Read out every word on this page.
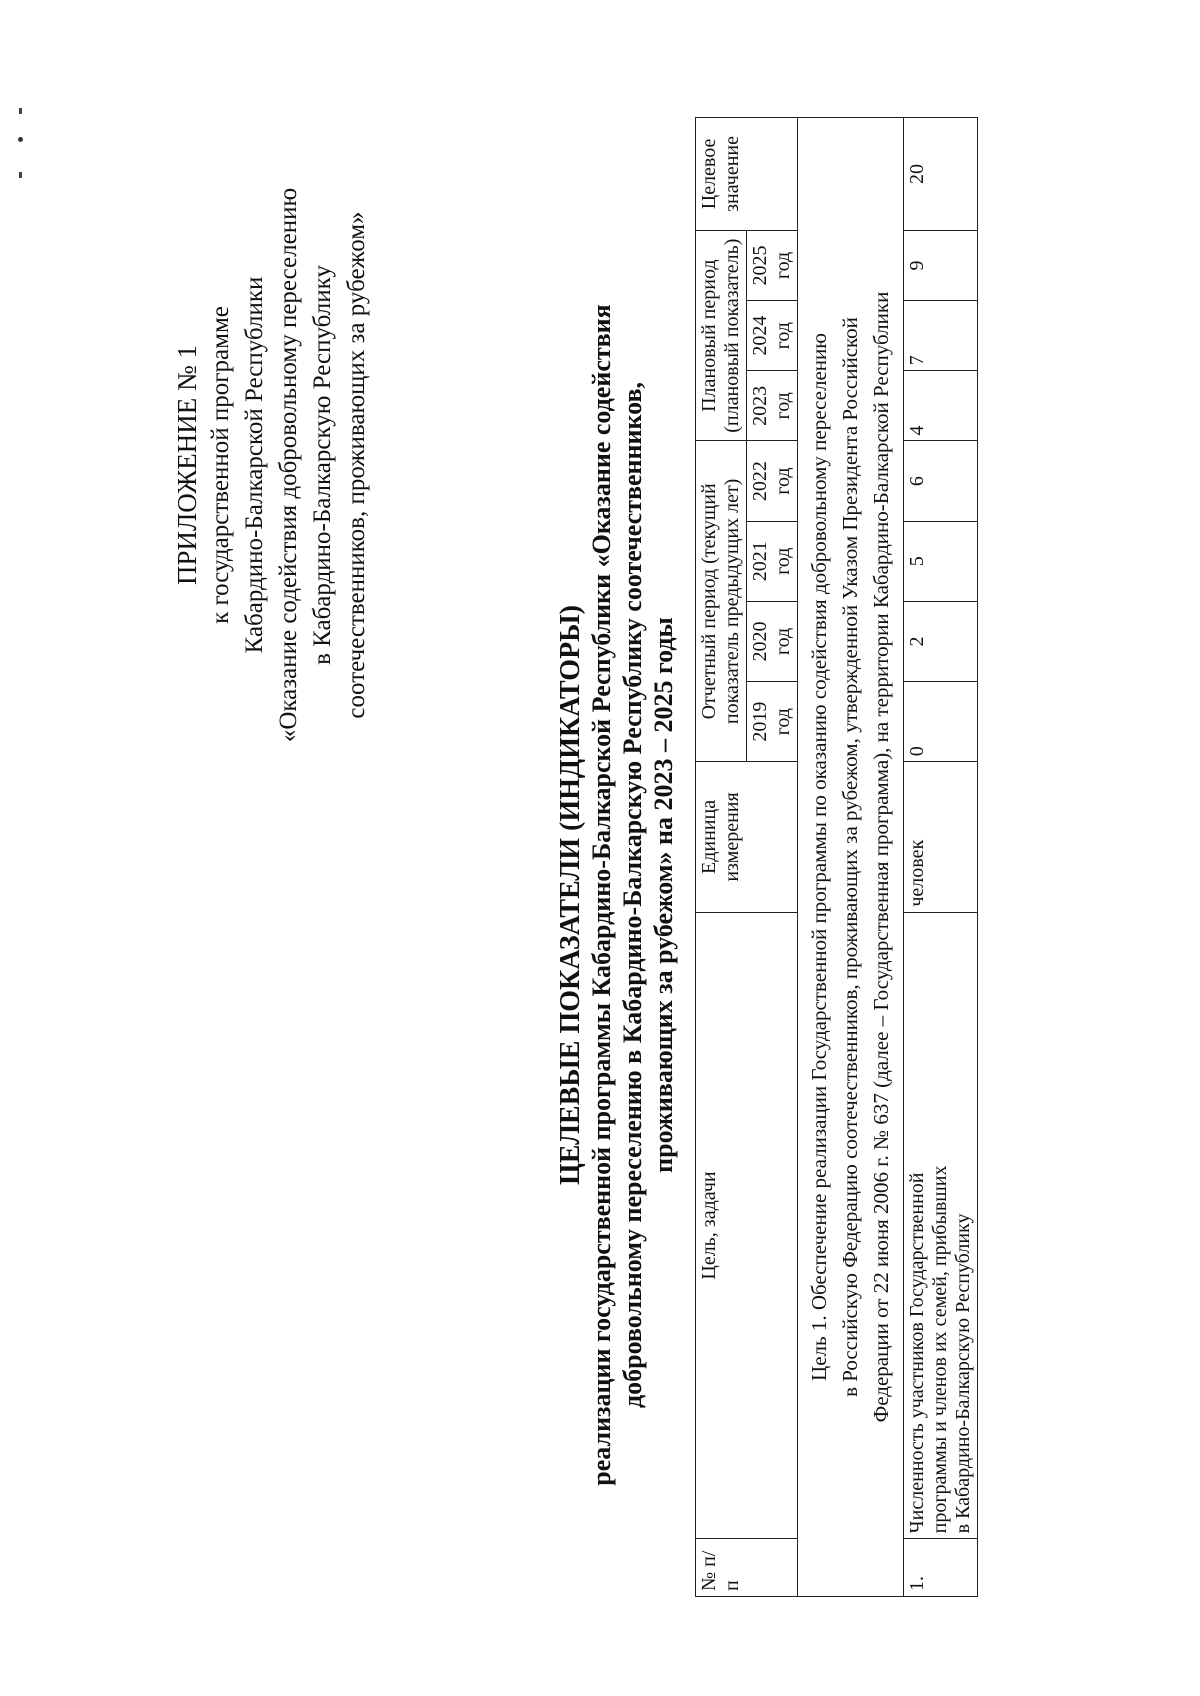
ПРИЛОЖЕНИЕ № 1 к государственной программе Кабардино-Балкарской Республики «Оказание содействия добровольному переселению в Кабардино-Балкарскую Республику соотечественников, проживающих за рубежом»
ЦЕЛЕВЫЕ ПОКАЗАТЕЛИ (ИНДИКАТОРЫ) реализации государственной программы Кабардино-Балкарской Республики «Оказание содействия добровольному переселению в Кабардино-Балкарскую Республику соотечественников, проживающих за рубежом» на 2023 – 2025 годы
№ п/п	Цель, задачи	Единица измерения	Отчетный период (текущий показатель предыдущих лет)				Плановый период (плановый показатель)			Целевое значение
			2019 год	2020 год	2021 год	2022 год	2023 год	2024 год	2025 год	

Цель 1. Обеспечение реализации Государственной программы по оказанию содействия добровольному переселению в Российскую Федерацию соотечественников, проживающих за рубежом, утвержденной Указом Президента Российской Федерации от 22 июня 2006 г. № 637 (далее – Государственная программа), на территории Кабардино-Балкарской Республики										

1.	Численность участников Государственной программы и членов их семей, прибывших в Кабардино-Балкарскую Республику	человек	0	2	5	6	4	7	9	20
